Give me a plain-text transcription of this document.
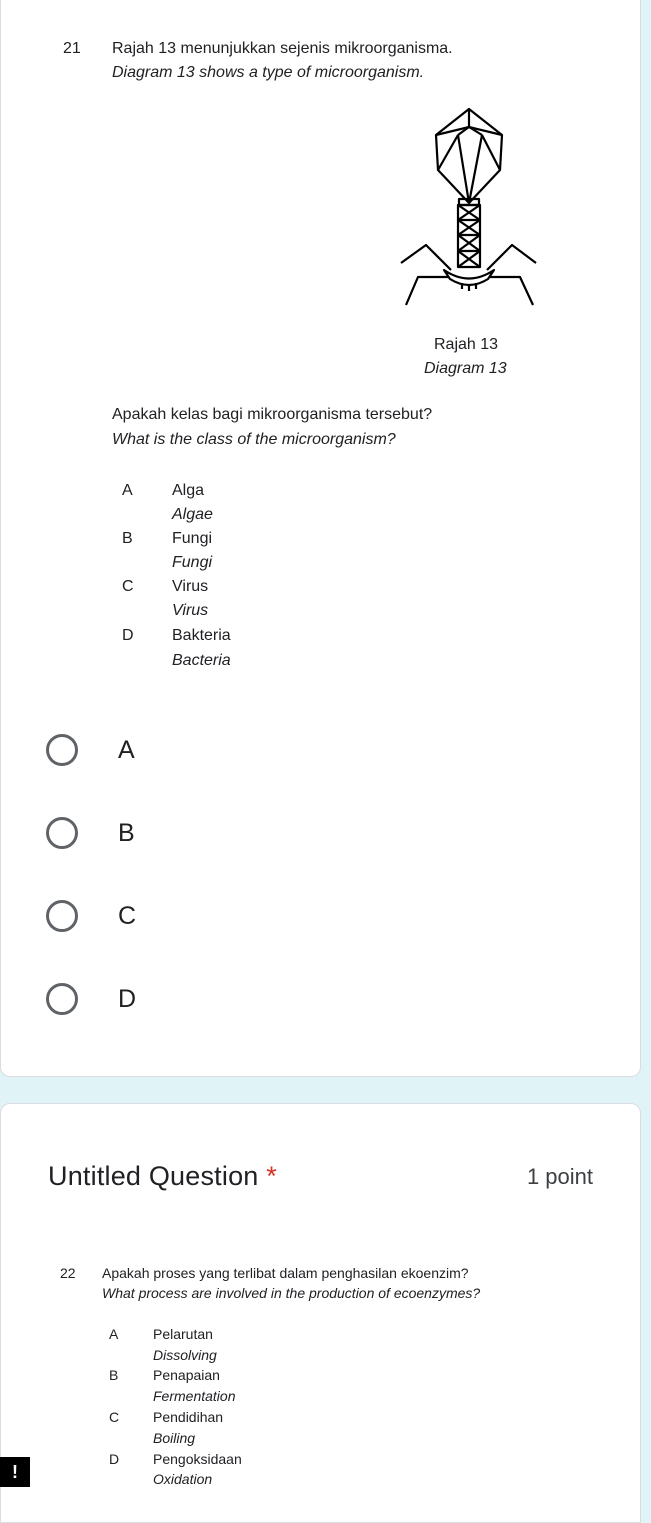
21 Rajah 13 menunjukkan sejenis mikroorganisma.
Diagram 13 shows a type of microorganism.
Rajah 13
Diagram 13
Apakah kelas bagi mikroorganisma tersebut?
What is the class of the microorganism?
A Alga
Algae
B Fungi
Fungi
C Virus
Virus
D Bakteria
Bacteria
A
B
C
D
Untitled Question *	1 point
22 Apakah proses yang terlibat dalam penghasilan ekoenzim?
What process are involved in the production of ecoenzymes?
A Pelarutan
Dissolving
B Penapaian
Fermentation
C Pendidihan
Boiling
D Pengoksidaan
Oxidation
!
